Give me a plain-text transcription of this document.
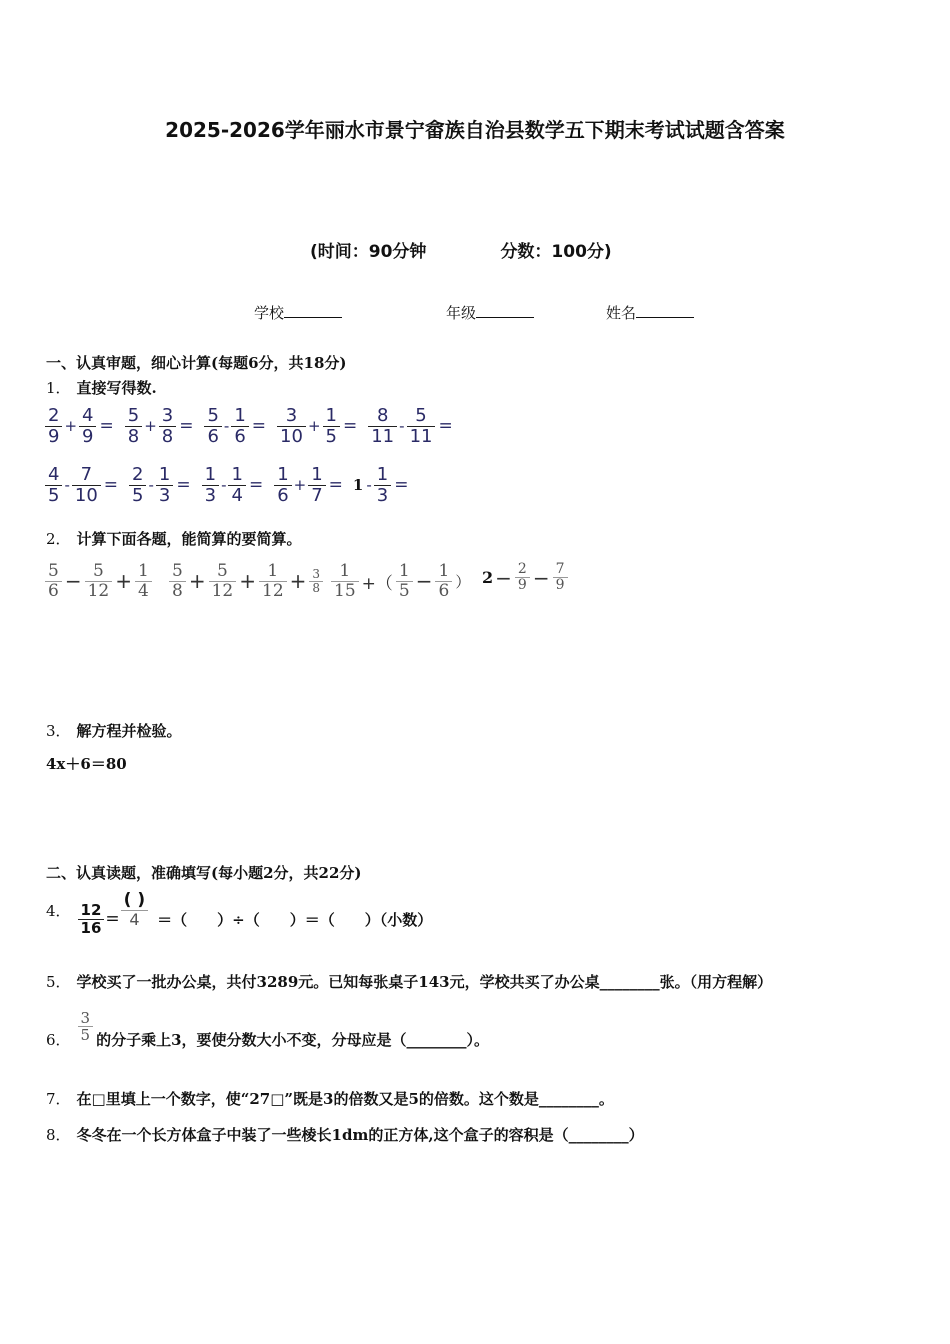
2025-2026学年丽水市景宁畲族自治县数学五下期末考试试题含答案
(时间：90分钟	分数：100分)
学校	年级	姓名
一、认真审题，细心计算(每题6分，共18分)
1． 直接写得数.
$\frac{2}{9} + \frac{4}{9} = \frac{5}{8} + \frac{3}{8} = \frac{5}{6} - \frac{1}{6} = \frac{3}{10} + \frac{1}{5} = \frac{8}{11} - \frac{5}{11}$ =
$\frac{4}{5} - \frac{7}{10} = \frac{2}{5} - \frac{1}{3} = \frac{1}{3} - \frac{1}{4} = \frac{1}{6} + \frac{1}{7} = 1 - \frac{1}{3}$ =
2． 计算下面各题，能简算的要简算。
$\frac{5}{6} - \frac{5}{12} + \frac{1}{4} \frac{5}{8} + \frac{5}{12} + \frac{1}{12} + \frac{3}{8} \frac{1}{15}$ +（ $\frac{1}{5} - \frac{1}{6}$ ） $2 - \frac{2}{9} - \frac{7}{9}$
3． 解方程并检验。
4x＋6＝80
二、认真读题，准确填写(每小题2分，共22分)
4． $\frac{12}{16} = \frac{( )}{4}$ ＝（　　）÷（　　）＝（　　）（小数）
5． 学校买了一批办公桌，共付3289元。已知每张桌子143元，学校共买了办公桌________张。（用方程解）
6． $\frac{3}{5}$ 的分子乘上3，要使分数大小不变，分母应是（________）。
7． 在□里填上一个数字，使“27□”既是3的倍数又是5的倍数。这个数是________。
8． 冬冬在一个长方体盒子中装了一些棱长1dm的正方体,这个盒子的容积是（________）
